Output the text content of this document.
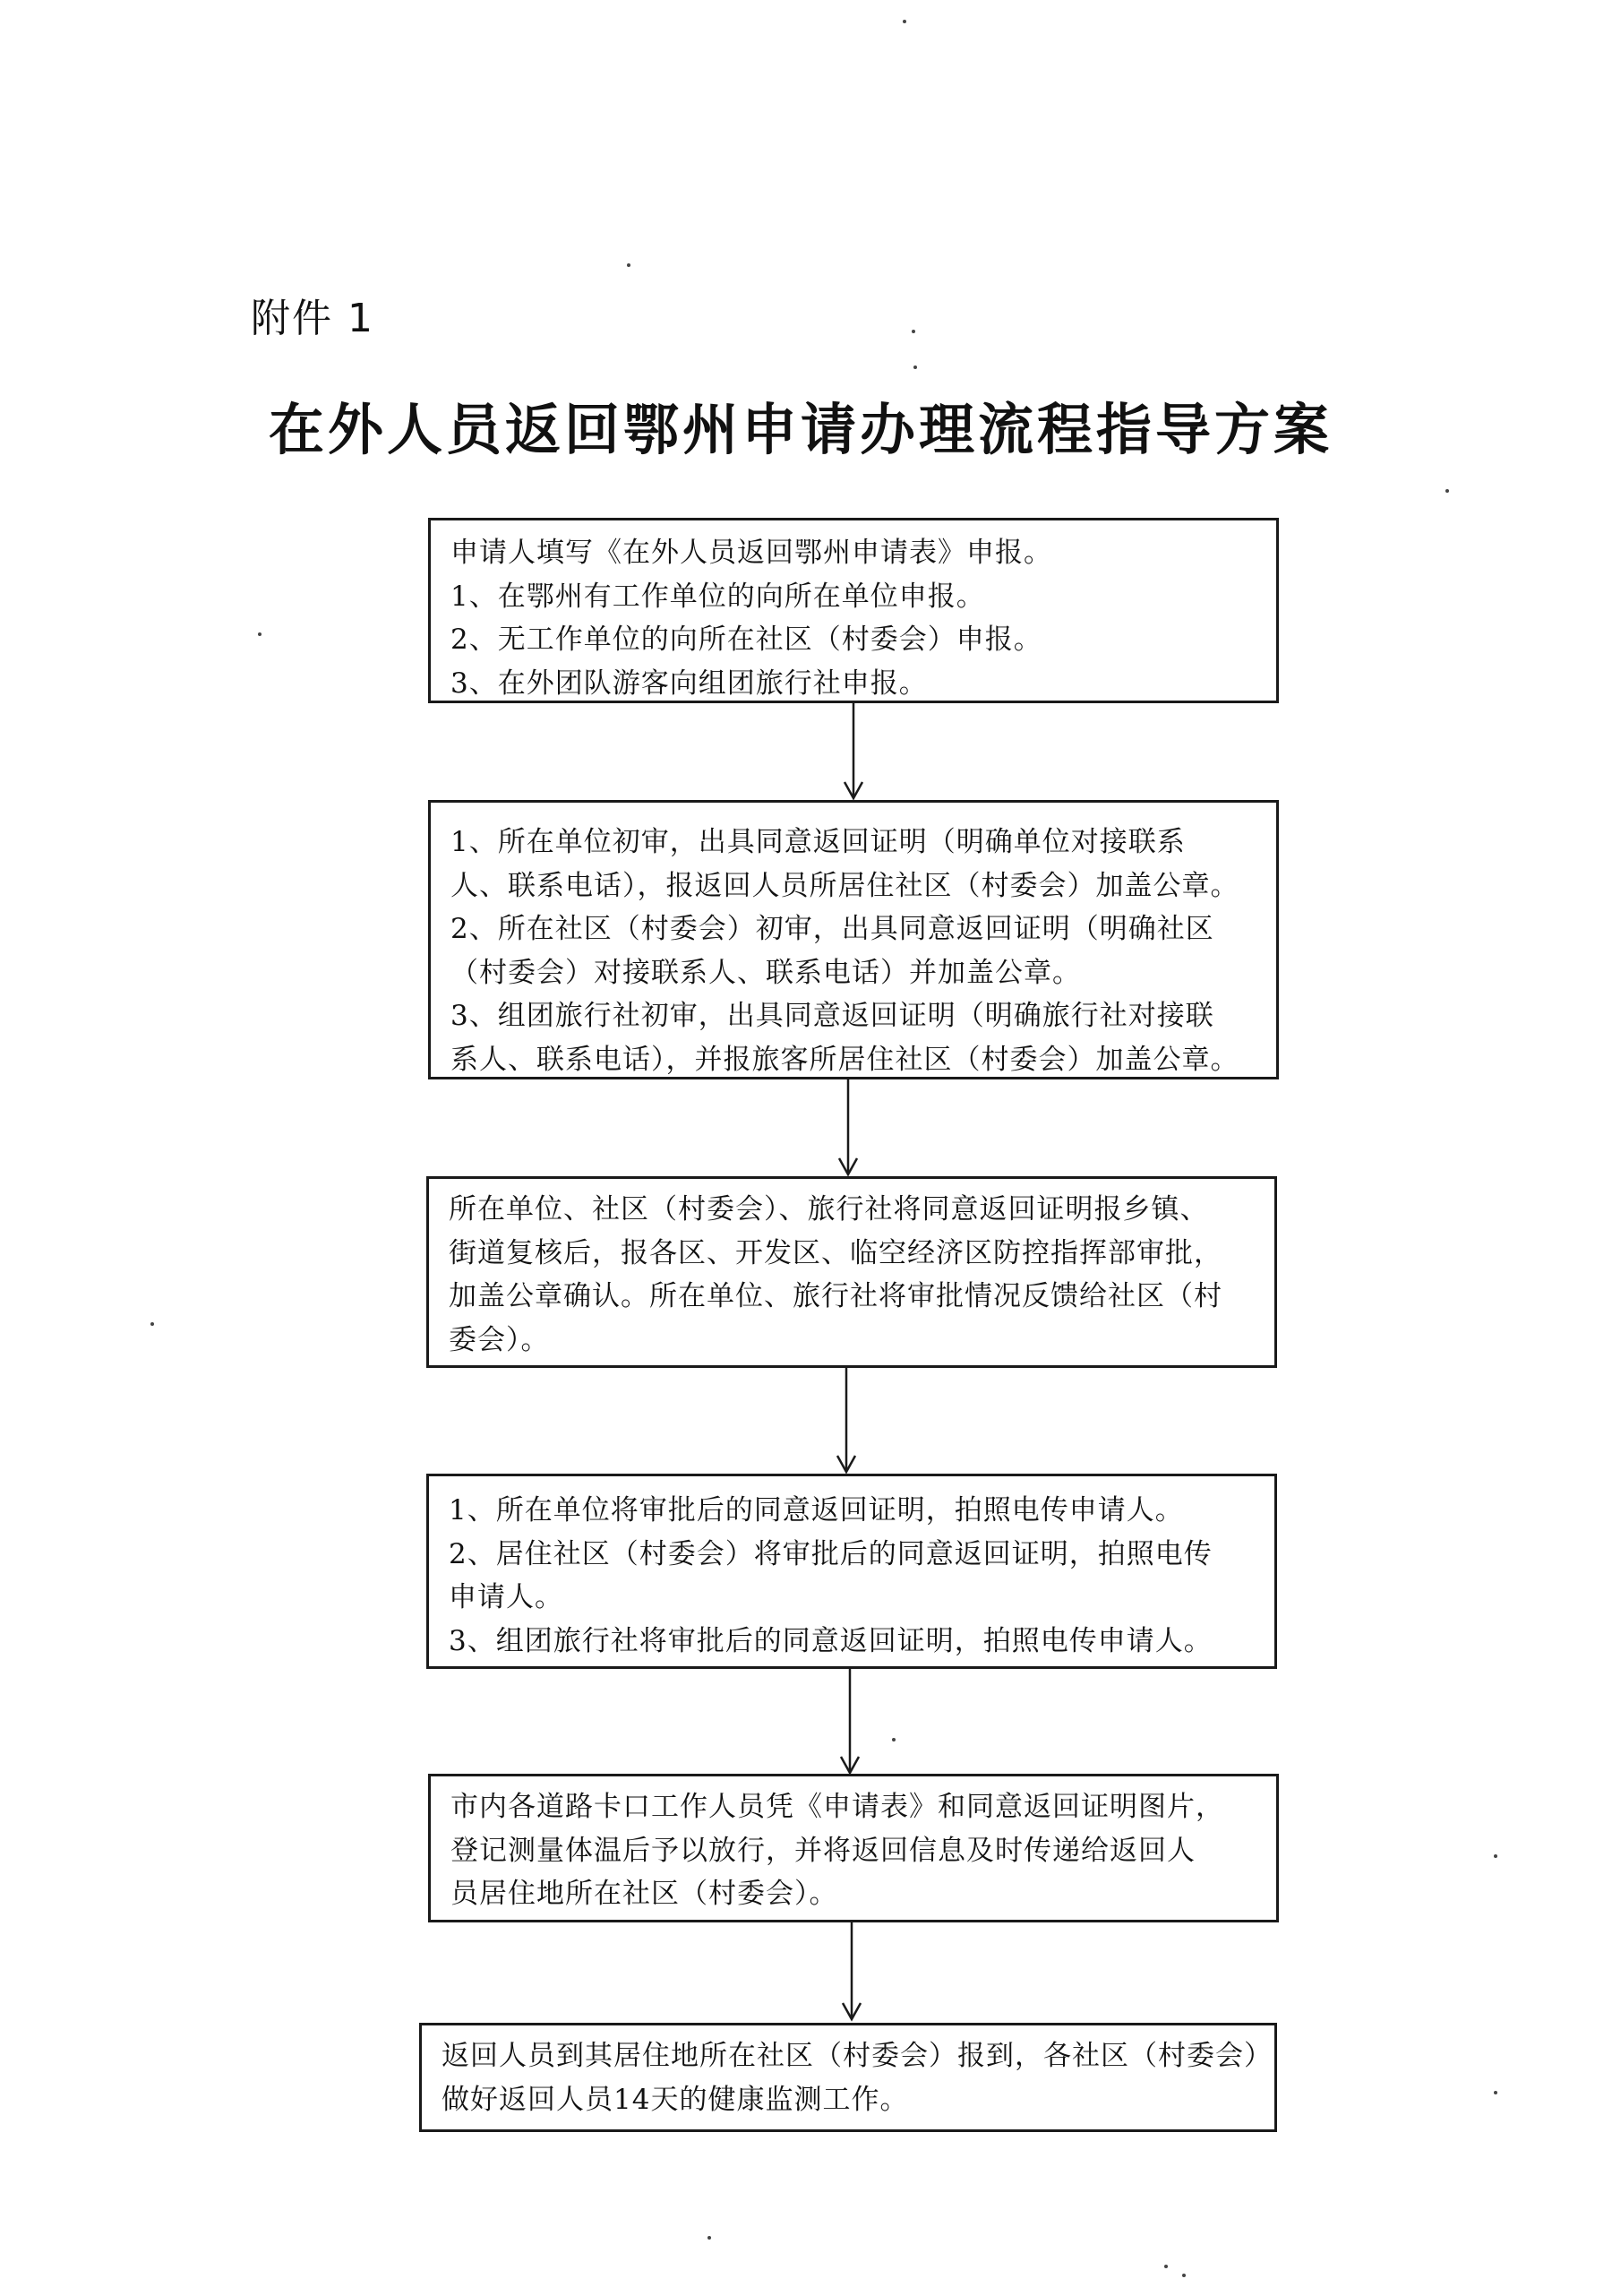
附件 1
在外人员返回鄂州申请办理流程指导方案
申请人填写《在外人员返回鄂州申请表》申报。
1、在鄂州有工作单位的向所在单位申报。
2、无工作单位的向所在社区（村委会）申报。
3、在外团队游客向组团旅行社申报。
1、所在单位初审，出具同意返回证明（明确单位对接联系
人、联系电话），报返回人员所居住社区（村委会）加盖公章。
2、所在社区（村委会）初审，出具同意返回证明（明确社区
（村委会）对接联系人、联系电话）并加盖公章。
3、组团旅行社初审，出具同意返回证明（明确旅行社对接联
系人、联系电话），并报旅客所居住社区（村委会）加盖公章。
所在单位、社区（村委会）、旅行社将同意返回证明报乡镇、
街道复核后，报各区、开发区、临空经济区防控指挥部审批，
加盖公章确认。所在单位、旅行社将审批情况反馈给社区（村
委会）。
1、所在单位将审批后的同意返回证明，拍照电传申请人。
2、居住社区（村委会）将审批后的同意返回证明，拍照电传
申请人。
3、组团旅行社将审批后的同意返回证明，拍照电传申请人。
市内各道路卡口工作人员凭《申请表》和同意返回证明图片，
登记测量体温后予以放行，并将返回信息及时传递给返回人
员居住地所在社区（村委会）。
返回人员到其居住地所在社区（村委会）报到，各社区（村委会）
做好返回人员14天的健康监测工作。
